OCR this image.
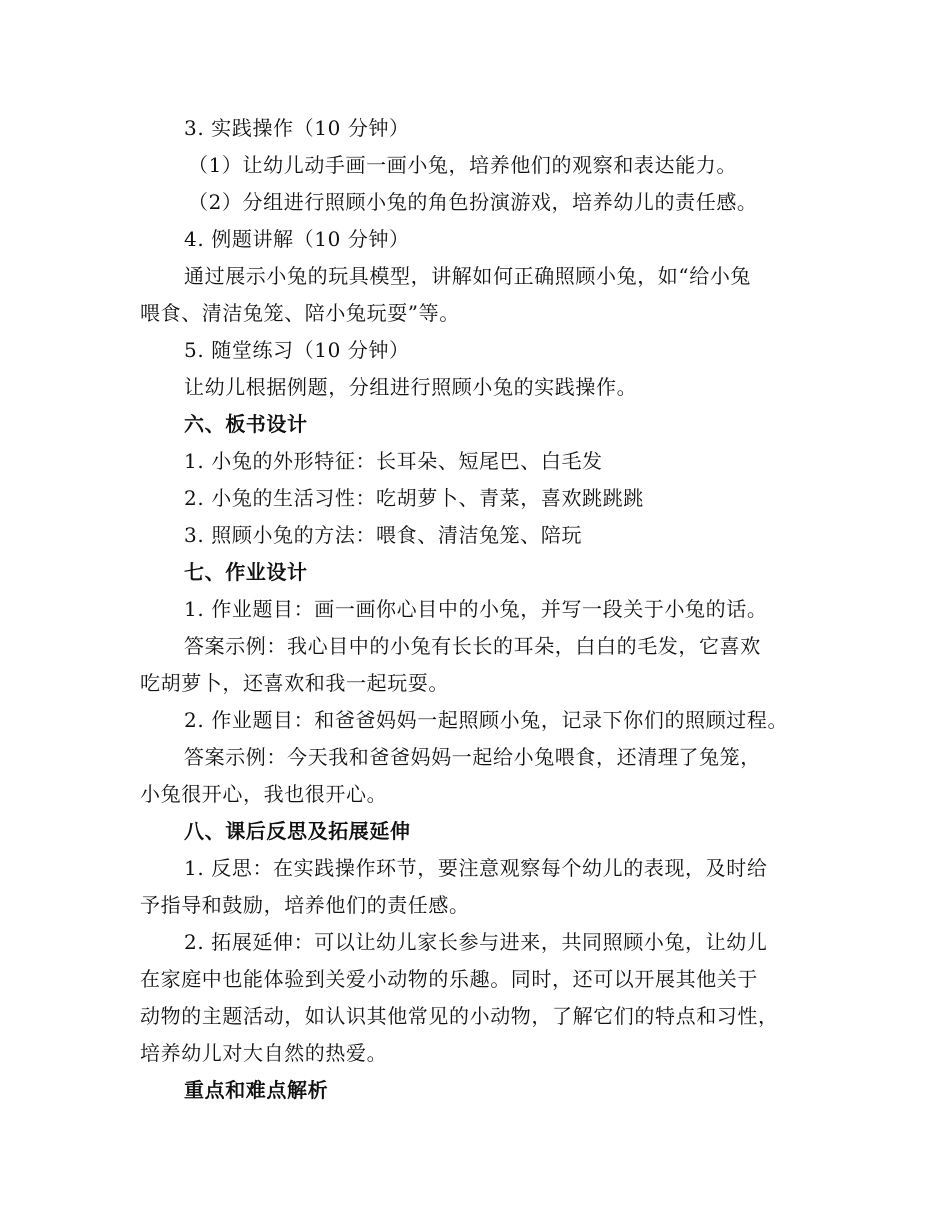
3. 实践操作（10 分钟）
（1）让幼儿动手画一画小兔，培养他们的观察和表达能力。
（2）分组进行照顾小兔的角色扮演游戏，培养幼儿的责任感。
4. 例题讲解（10 分钟）
通过展示小兔的玩具模型，讲解如何正确照顾小兔，如“给小兔
喂食、清洁兔笼、陪小兔玩耍”等。
5. 随堂练习（10 分钟）
让幼儿根据例题，分组进行照顾小兔的实践操作。
六、板书设计
1. 小兔的外形特征：长耳朵、短尾巴、白毛发
2. 小兔的生活习性：吃胡萝卜、青菜，喜欢跳跳跳
3. 照顾小兔的方法：喂食、清洁兔笼、陪玩
七、作业设计
1. 作业题目：画一画你心目中的小兔，并写一段关于小兔的话。
答案示例：我心目中的小兔有长长的耳朵，白白的毛发，它喜欢
吃胡萝卜，还喜欢和我一起玩耍。
2. 作业题目：和爸爸妈妈一起照顾小兔，记录下你们的照顾过程。
答案示例：今天我和爸爸妈妈一起给小兔喂食，还清理了兔笼，
小兔很开心，我也很开心。
八、课后反思及拓展延伸
1. 反思：在实践操作环节，要注意观察每个幼儿的表现，及时给
予指导和鼓励，培养他们的责任感。
2. 拓展延伸：可以让幼儿家长参与进来，共同照顾小兔，让幼儿
在家庭中也能体验到关爱小动物的乐趣。同时，还可以开展其他关于
动物的主题活动，如认识其他常见的小动物，了解它们的特点和习性，
培养幼儿对大自然的热爱。
重点和难点解析
